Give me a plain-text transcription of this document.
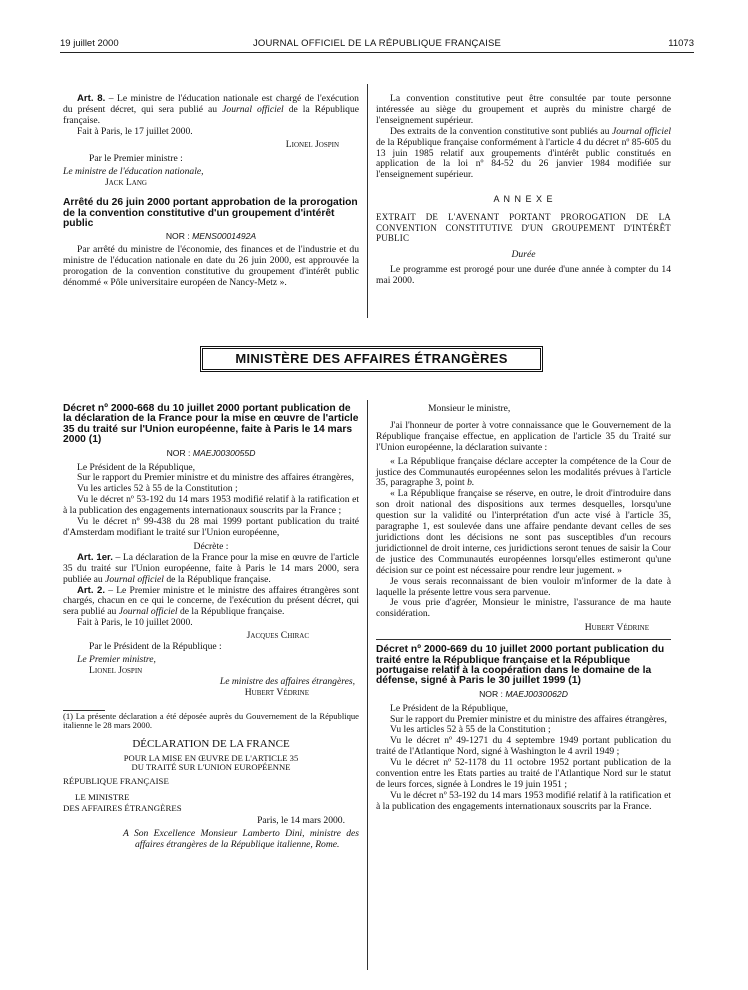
19 juillet 2000	JOURNAL OFFICIEL DE LA RÉPUBLIQUE FRANÇAISE	11073

Art. 8. – Le ministre de l'éducation nationale est chargé de l'exécution du présent décret, qui sera publié au Journal officiel de la République française.

Fait à Paris, le 17 juillet 2000.

Lionel Jospin

Par le Premier ministre :

Le ministre de l'éducation nationale,

Jack Lang

Arrêté du 26 juin 2000 portant approbation de la prorogation de la convention constitutive d'un groupement d'intérêt public

NOR : MENS0001492A

Par arrêté du ministre de l'économie, des finances et de l'industrie et du ministre de l'éducation nationale en date du 26 juin 2000, est approuvée la prorogation de la convention constitutive du groupement d'intérêt public dénommé « Pôle universitaire européen de Nancy-Metz ».

La convention constitutive peut être consultée par toute personne intéressée au siège du groupement et auprès du ministre chargé de l'enseignement supérieur.

Des extraits de la convention constitutive sont publiés au Journal officiel de la République française conformément à l'article 4 du décret nº 85-605 du 13 juin 1985 relatif aux groupements d'intérêt public constitués en application de la loi nº 84-52 du 26 janvier 1984 modifiée sur l'enseignement supérieur.

A N N E X E

EXTRAIT DE L'AVENANT PORTANT PROROGATION DE LA CONVENTION CONSTITUTIVE D'UN GROUPEMENT D'INTÉRÊT PUBLIC

Durée

Le programme est prorogé pour une durée d'une année à compter du 14 mai 2000.

MINISTÈRE DES AFFAIRES ÉTRANGÈRES

Décret nº 2000-668 du 10 juillet 2000 portant publication de la déclaration de la France pour la mise en œuvre de l'article 35 du traité sur l'Union européenne, faite à Paris le 14 mars 2000 (1)

NOR : MAEJ0030055D

Le Président de la République,

Sur le rapport du Premier ministre et du ministre des affaires étrangères,

Vu les articles 52 à 55 de la Constitution ;

Vu le décret nº 53-192 du 14 mars 1953 modifié relatif à la ratification et à la publication des engagements internationaux souscrits par la France ;

Vu le décret nº 99-438 du 28 mai 1999 portant publication du traité d'Amsterdam modifiant le traité sur l'Union européenne,

Décrète :

Art. 1er. – La déclaration de la France pour la mise en œuvre de l'article 35 du traité sur l'Union européenne, faite à Paris le 14 mars 2000, sera publiée au Journal officiel de la République française.

Art. 2. – Le Premier ministre et le ministre des affaires étrangères sont chargés, chacun en ce qui le concerne, de l'exécution du présent décret, qui sera publié au Journal officiel de la République française.

Fait à Paris, le 10 juillet 2000.

Jacques Chirac

Par le Président de la République :

Le Premier ministre,

Lionel Jospin

Le ministre des affaires étrangères,

Hubert Védrine

(1) La présente déclaration a été déposée auprès du Gouvernement de la République italienne le 28 mars 2000.

DÉCLARATION DE LA FRANCE

POUR LA MISE EN ŒUVRE DE L'ARTICLE 35

DU TRAITÉ SUR L'UNION EUROPÉENNE

RÉPUBLIQUE FRANÇAISE

LE MINISTRE

DES AFFAIRES ÉTRANGÈRES

Paris, le 14 mars 2000.

A Son Excellence Monsieur Lamberto Dini, ministre des affaires étrangères de la République italienne, Rome.

Monsieur le ministre,

J'ai l'honneur de porter à votre connaissance que le Gouvernement de la République française effectue, en application de l'article 35 du Traité sur l'Union européenne, la déclaration suivante :

« La République française déclare accepter la compétence de la Cour de justice des Communautés européennes selon les modalités prévues à l'article 35, paragraphe 3, point b.

« La République française se réserve, en outre, le droit d'introduire dans son droit national des dispositions aux termes desquelles, lorsqu'une question sur la validité ou l'interprétation d'un acte visé à l'article 35, paragraphe 1, est soulevée dans une affaire pendante devant celles de ses juridictions dont les décisions ne sont pas susceptibles d'un recours juridictionnel de droit interne, ces juridictions seront tenues de saisir la Cour de justice des Communautés européennes lorsqu'elles estimeront qu'une décision sur ce point est nécessaire pour rendre leur jugement. »

Je vous serais reconnaissant de bien vouloir m'informer de la date à laquelle la présente lettre vous sera parvenue.

Je vous prie d'agréer, Monsieur le ministre, l'assurance de ma haute considération.

Hubert Védrine

Décret nº 2000-669 du 10 juillet 2000 portant publication du traité entre la République française et la République portugaise relatif à la coopération dans le domaine de la défense, signé à Paris le 30 juillet 1999 (1)

NOR : MAEJ0030062D

Le Président de la République,

Sur le rapport du Premier ministre et du ministre des affaires étrangères,

Vu les articles 52 à 55 de la Constitution ;

Vu le décret nº 49-1271 du 4 septembre 1949 portant publication du traité de l'Atlantique Nord, signé à Washington le 4 avril 1949 ;

Vu le décret nº 52-1178 du 11 octobre 1952 portant publication de la convention entre les Etats parties au traité de l'Atlantique Nord sur le statut de leurs forces, signée à Londres le 19 juin 1951 ;

Vu le décret nº 53-192 du 14 mars 1953 modifié relatif à la ratification et à la publication des engagements internationaux souscrits par la France.
